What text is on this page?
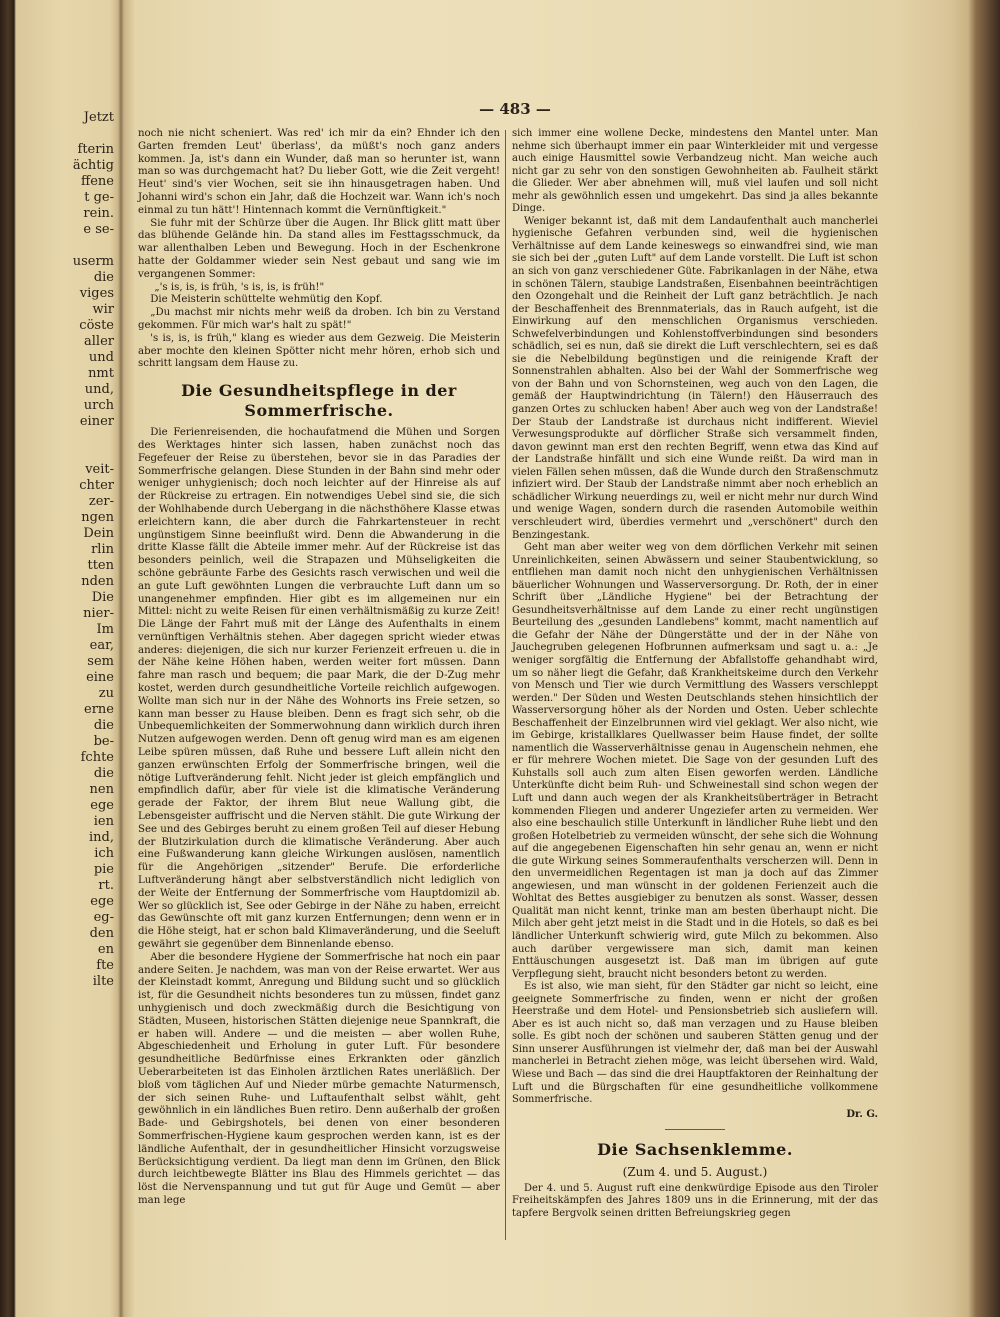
Jetzt

fterin
ächtig
ffene
t ge-
rein.
e se-

userm
die
viges
wir
cöste
aller
und
nmt
und,
urch
einer

veit-
chter
zer-
ngen
Dein
rlin
tten
nden
Die
nier-
Im
ear,
sem
eine
zu
erne
die
be-
fchte
die
nen
ege
ien
ind,
ich
pie
rt.
ege
eg-
den
en
fte
ilte
— 483 —

noch nie nicht scheniert. Was red' ich mir da ein? Ehnder ich den Garten fremden Leut' überlass', da müßt's noch ganz anders kommen. Ja, ist's dann ein Wunder, daß man so herunter ist, wann man so was durchgemacht hat? Du lieber Gott, wie die Zeit vergeht! Heut' sind's vier Wochen, seit sie ihn hinausgetragen haben. Und Johanni wird's schon ein Jahr, daß die Hochzeit war. Wann ich's noch einmal zu tun hätt'! Hintennach kommt die Vernünftigkeit."

Sie fuhr mit der Schürze über die Augen. Ihr Blick glitt matt über das blühende Gelände hin. Da stand alles im Festtagsschmuck, da war allenthalben Leben und Bewegung. Hoch in der Eschenkrone hatte der Goldammer wieder sein Nest gebaut und sang wie im vergangenen Sommer:

„'s is, is, is früh, 's is, is, is früh!"

Die Meisterin schüttelte wehmütig den Kopf.

„Du machst mir nichts mehr weiß da droben. Ich bin zu Verstand gekommen. Für mich war's halt zu spät!"

's is, is, is früh," klang es wieder aus dem Gezweig. Die Meisterin aber mochte den kleinen Spötter nicht mehr hören, erhob sich und schritt langsam dem Hause zu.

Die Gesundheitspflege in der Sommerfrische.

Die Ferienreisenden, die hochaufatmend die Mühen und Sorgen des Werktages hinter sich lassen, haben zunächst noch das Fegefeuer der Reise zu überstehen, bevor sie in das Paradies der Sommerfrische gelangen. Diese Stunden in der Bahn sind mehr oder weniger unhygienisch; doch noch leichter auf der Hinreise als auf der Rückreise zu ertragen. Ein notwendiges Uebel sind sie, die sich der Wohlhabende durch Uebergang in die nächsthöhere Klasse etwas erleichtern kann, die aber durch die Fahrkartensteuer in recht ungünstigem Sinne beeinflußt wird. Denn die Abwanderung in die dritte Klasse fällt die Abteile immer mehr. Auf der Rückreise ist das besonders peinlich, weil die Strapazen und Mühseligkeiten die schöne gebräunte Farbe des Gesichts rasch verwischen und weil die an gute Luft gewöhnten Lungen die verbrauchte Luft dann um so unangenehmer empfinden. Hier gibt es im allgemeinen nur ein Mittel: nicht zu weite Reisen für einen verhältnismäßig zu kurze Zeit! Die Länge der Fahrt muß mit der Länge des Aufenthalts in einem vernünftigen Verhältnis stehen. Aber dagegen spricht wieder etwas anderes: diejenigen, die sich nur kurzer Ferienzeit erfreuen u. die in der Nähe keine Höhen haben, werden weiter fort müssen. Dann fahre man rasch und bequem; die paar Mark, die der D-Zug mehr kostet, werden durch gesundheitliche Vorteile reichlich aufgewogen. Wollte man sich nur in der Nähe des Wohnorts ins Freie setzen, so kann man besser zu Hause bleiben. Denn es fragt sich sehr, ob die Unbequemlichkeiten der Sommerwohnung dann wirklich durch ihren Nutzen aufgewogen werden. Denn oft genug wird man es am eigenen Leibe spüren müssen, daß Ruhe und bessere Luft allein nicht den ganzen erwünschten Erfolg der Sommerfrische bringen, weil die nötige Luftveränderung fehlt. Nicht jeder ist gleich empfänglich und empfindlich dafür, aber für viele ist die klimatische Veränderung gerade der Faktor, der ihrem Blut neue Wallung gibt, die Lebensgeister auffrischt und die Nerven stählt. Die gute Wirkung der See und des Gebirges beruht zu einem großen Teil auf dieser Hebung der Blutzirkulation durch die klimatische Veränderung. Aber auch eine Fußwanderung kann gleiche Wirkungen auslösen, namentlich für die Angehörigen „sitzender" Berufe. Die erforderliche Luftveränderung hängt aber selbstverständlich nicht lediglich von der Weite der Entfernung der Sommerfrische vom Hauptdomizil ab. Wer so glücklich ist, See oder Gebirge in der Nähe zu haben, erreicht das Gewünschte oft mit ganz kurzen Entfernungen; denn wenn er in die Höhe steigt, hat er schon bald Klimaveränderung, und die Seeluft gewährt sie gegenüber dem Binnenlande ebenso.

Aber die besondere Hygiene der Sommerfrische hat noch ein paar andere Seiten. Je nachdem, was man von der Reise erwartet. Wer aus der Kleinstadt kommt, Anregung und Bildung sucht und so glücklich ist, für die Gesundheit nichts besonderes tun zu müssen, findet ganz unhygienisch und doch zweckmäßig durch die Besichtigung von Städten, Museen, historischen Stätten diejenige neue Spannkraft, die er haben will. Andere — und die meisten — aber wollen Ruhe, Abgeschiedenheit und Erholung in guter Luft. Für besondere gesundheitliche Bedürfnisse eines Erkrankten oder gänzlich Ueberarbeiteten ist das Einholen ärztlichen Rates unerläßlich. Der bloß vom täglichen Auf und Nieder mürbe gemachte Naturmensch, der sich seinen Ruhe- und Luftaufenthalt selbst wählt, geht gewöhnlich in ein ländliches Buen retiro. Denn außerhalb der großen Bade- und Gebirgshotels, bei denen von einer besonderen Sommerfrischen-Hygiene kaum gesprochen werden kann, ist es der ländliche Aufenthalt, der in gesundheitlicher Hinsicht vorzugsweise Berücksichtigung verdient. Da liegt man denn im Grünen, den Blick durch leichtbewegte Blätter ins Blau des Himmels gerichtet — das löst die Nervenspannung und tut gut für Auge und Gemüt — aber man lege

sich immer eine wollene Decke, mindestens den Mantel unter. Man nehme sich überhaupt immer ein paar Winterkleider mit und vergesse auch einige Hausmittel sowie Verbandzeug nicht. Man weiche auch nicht gar zu sehr von den sonstigen Gewohnheiten ab. Faulheit stärkt die Glieder. Wer aber abnehmen will, muß viel laufen und soll nicht mehr als gewöhnlich essen und umgekehrt. Das sind ja alles bekannte Dinge.

Weniger bekannt ist, daß mit dem Landaufenthalt auch mancherlei hygienische Gefahren verbunden sind, weil die hygienischen Verhältnisse auf dem Lande keineswegs so einwandfrei sind, wie man sie sich bei der „guten Luft" auf dem Lande vorstellt. Die Luft ist schon an sich von ganz verschiedener Güte. Fabrikanlagen in der Nähe, etwa in schönen Tälern, staubige Landstraßen, Eisenbahnen beeinträchtigen den Ozongehalt und die Reinheit der Luft ganz beträchtlich. Je nach der Beschaffenheit des Brennmaterials, das in Rauch aufgeht, ist die Einwirkung auf den menschlichen Organismus verschieden. Schwefelverbindungen und Kohlenstoffverbindungen sind besonders schädlich, sei es nun, daß sie direkt die Luft verschlechtern, sei es daß sie die Nebelbildung begünstigen und die reinigende Kraft der Sonnenstrahlen abhalten. Also bei der Wahl der Sommerfrische weg von der Bahn und von Schornsteinen, weg auch von den Lagen, die gemäß der Hauptwindrichtung (in Tälern!) den Häuserrauch des ganzen Ortes zu schlucken haben! Aber auch weg von der Landstraße! Der Staub der Landstraße ist durchaus nicht indifferent. Wieviel Verwesungsprodukte auf dörflicher Straße sich versammelt finden, davon gewinnt man erst den rechten Begriff, wenn etwa das Kind auf der Landstraße hinfällt und sich eine Wunde reißt. Da wird man in vielen Fällen sehen müssen, daß die Wunde durch den Straßenschmutz infiziert wird. Der Staub der Landstraße nimmt aber noch erheblich an schädlicher Wirkung neuerdings zu, weil er nicht mehr nur durch Wind und wenige Wagen, sondern durch die rasenden Automobile weithin verschleudert wird, überdies vermehrt und „verschönert" durch den Benzingestank.

Geht man aber weiter weg von dem dörflichen Verkehr mit seinen Unreinlichkeiten, seinen Abwässern und seiner Staubentwicklung, so entfliehen man damit noch nicht den unhygienischen Verhältnissen bäuerlicher Wohnungen und Wasserversorgung. Dr. Roth, der in einer Schrift über „Ländliche Hygiene" bei der Betrachtung der Gesundheitsverhältnisse auf dem Lande zu einer recht ungünstigen Beurteilung des „gesunden Landlebens" kommt, macht namentlich auf die Gefahr der Nähe der Düngerstätte und der in der Nähe von Jauchegruben gelegenen Hofbrunnen aufmerksam und sagt u. a.: „Je weniger sorgfältig die Entfernung der Abfallstoffe gehandhabt wird, um so näher liegt die Gefahr, daß Krankheitskeime durch den Verkehr von Mensch und Tier wie durch Vermittlung des Wassers verschleppt werden." Der Süden und Westen Deutschlands stehen hinsichtlich der Wasserversorgung höher als der Norden und Osten. Ueber schlechte Beschaffenheit der Einzelbrunnen wird viel geklagt. Wer also nicht, wie im Gebirge, kristallklares Quellwasser beim Hause findet, der sollte namentlich die Wasserverhältnisse genau in Augenschein nehmen, ehe er für mehrere Wochen mietet. Die Sage von der gesunden Luft des Kuhstalls soll auch zum alten Eisen geworfen werden. Ländliche Unterkünfte dicht beim Ruh- und Schweinestall sind schon wegen der Luft und dann auch wegen der als Krankheitsüberträger in Betracht kommenden Fliegen und anderer Ungeziefer arten zu vermeiden. Wer also eine beschaulich stille Unterkunft in ländlicher Ruhe liebt und den großen Hotelbetrieb zu vermeiden wünscht, der sehe sich die Wohnung auf die angegebenen Eigenschaften hin sehr genau an, wenn er nicht die gute Wirkung seines Sommeraufenthalts verscherzen will. Denn in den unvermeidlichen Regentagen ist man ja doch auf das Zimmer angewiesen, und man wünscht in der goldenen Ferienzeit auch die Wohltat des Bettes ausgiebiger zu benutzen als sonst. Wasser, dessen Qualität man nicht kennt, trinke man am besten überhaupt nicht. Die Milch aber geht jetzt meist in die Stadt und in die Hotels, so daß es bei ländlicher Unterkunft schwierig wird, gute Milch zu bekommen. Also auch darüber vergewissere man sich, damit man keinen Enttäuschungen ausgesetzt ist. Daß man im übrigen auf gute Verpflegung sieht, braucht nicht besonders betont zu werden.

Es ist also, wie man sieht, für den Städter gar nicht so leicht, eine geeignete Sommerfrische zu finden, wenn er nicht der großen Heerstraße und dem Hotel- und Pensionsbetrieb sich ausliefern will. Aber es ist auch nicht so, daß man verzagen und zu Hause bleiben solle. Es gibt noch der schönen und sauberen Stätten genug und der Sinn unserer Ausführungen ist vielmehr der, daß man bei der Auswahl mancherlei in Betracht ziehen möge, was leicht übersehen wird. Wald, Wiese und Bach — das sind die drei Hauptfaktoren der Reinhaltung der Luft und die Bürgschaften für eine gesundheitliche vollkommene Sommerfrische.

Dr. G.
Die Sachsenklemme.
(Zum 4. und 5. August.)

Der 4. und 5. August ruft eine denkwürdige Episode aus den Tiroler Freiheitskämpfen des Jahres 1809 uns in die Erinnerung, mit der das tapfere Bergvolk seinen dritten Befreiungskrieg gegen
